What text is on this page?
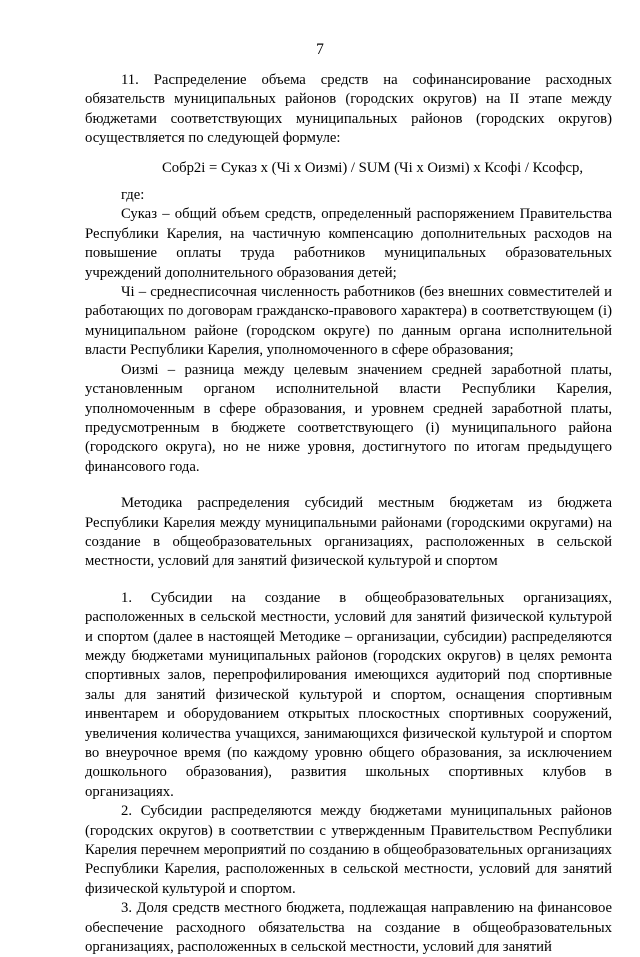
7

11. Распределение объема средств на софинансирование расходных обязательств муниципальных районов (городских округов) на II этапе между бюджетами соответствующих муниципальных районов (городских округов) осуществляется по следующей формуле:

Собр2i = Суказ x (Чi x Оизмi) / SUM (Чi x Оизмi) x Ксофi / Ксофср,

где:

Суказ – общий объем средств, определенный распоряжением Правительства Республики Карелия, на частичную компенсацию дополнительных расходов на повышение оплаты труда работников муниципальных образовательных учреждений дополнительного образования детей;

Чi – среднесписочная численность работников (без внешних совместителей и работающих по договорам гражданско-правового характера) в соответствующем (i) муниципальном районе (городском округе) по данным органа исполнительной власти Республики Карелия, уполномоченного в сфере образования;

Оизмi – разница между целевым значением средней заработной платы, установленным органом исполнительной власти Республики Карелия, уполномоченным в сфере образования, и уровнем средней заработной платы, предусмотренным в бюджете соответствующего (i) муниципального района (городского округа), но не ниже уровня, достигнутого по итогам предыдущего финансового года.

Методика распределения субсидий местным бюджетам из бюджета Республики Карелия между муниципальными районами (городскими округами) на создание в общеобразовательных организациях, расположенных в сельской местности, условий для занятий физической культурой и спортом

1. Субсидии на создание в общеобразовательных организациях, расположенных в сельской местности, условий для занятий физической культурой и спортом (далее в настоящей Методике – организации, субсидии) распределяются между бюджетами муниципальных районов (городских округов) в целях ремонта спортивных залов, перепрофилирования имеющихся аудиторий под спортивные залы для занятий физической культурой и спортом, оснащения спортивным инвентарем и оборудованием открытых плоскостных спортивных сооружений, увеличения количества учащихся, занимающихся физической культурой и спортом во внеурочное время (по каждому уровню общего образования, за исключением дошкольного образования), развития школьных спортивных клубов в организациях.

2. Субсидии распределяются между бюджетами муниципальных районов (городских округов) в соответствии с утвержденным Правительством Республики Карелия перечнем мероприятий по созданию в общеобразовательных организациях Республики Карелия, расположенных в сельской местности, условий для занятий физической культурой и спортом.

3. Доля средств местного бюджета, подлежащая направлению на финансовое обеспечение расходного обязательства на создание в общеобразовательных организациях, расположенных в сельской местности, условий для занятий
